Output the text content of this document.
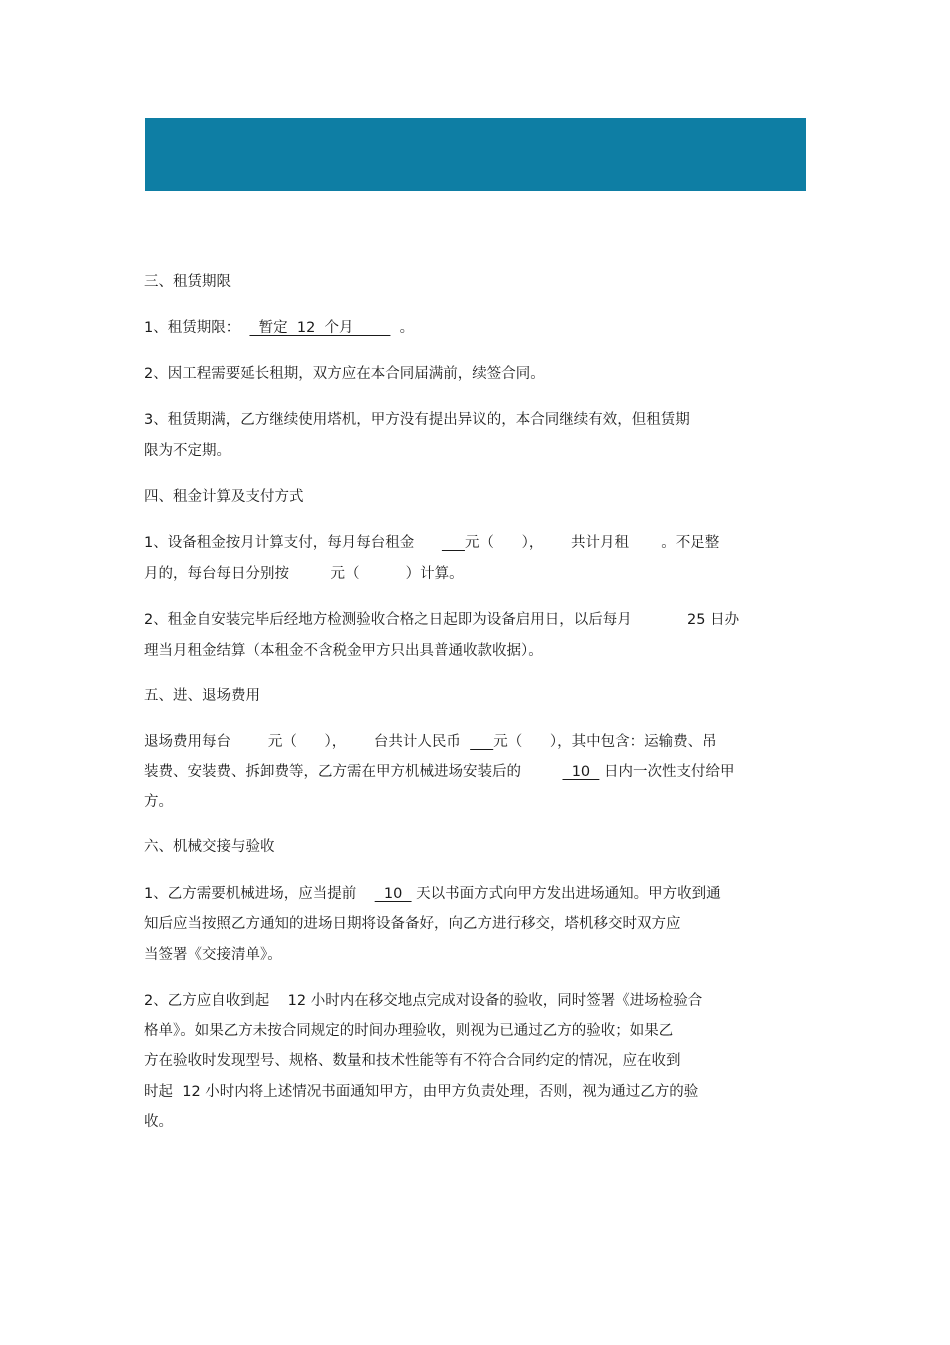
三、租赁期限
1、租赁期限：    暂定  12  个月          。
2、因工程需要延长租期，双方应在本合同届满前，续签合同。
3、租赁期满，乙方继续使用塔机，甲方没有提出异议的，本合同继续有效，但租赁期
限为不定期。
四、租金计算及支付方式
1、设备租金按月计算支付，每月每台租金           元（      ），      共计月租       。不足整
月的，每台每日分别按         元（          ）计算。
2、租金自安装完毕后经地方检测验收合格之日起即为设备启用日，以后每月            25 日办
理当月租金结算（本租金不含税金甲方只出具普通收款收据）。
五、进、退场费用
退场费用每台        元（      ），      台共计人民币       元（      ），其中包含：运输费、吊
装费、安装费、拆卸费等，乙方需在甲方机械进场安装后的           10   日内一次性支付给甲
方。
六、机械交接与验收
1、乙方需要机械进场，应当提前      10   天以书面方式向甲方发出进场通知。甲方收到通
知后应当按照乙方通知的进场日期将设备备好，向乙方进行移交，塔机移交时双方应
当签署《交接清单》。
2、乙方应自收到起    12 小时内在移交地点完成对设备的验收，同时签署《进场检验合
格单》。如果乙方未按合同规定的时间办理验收，则视为已通过乙方的验收；如果乙
方在验收时发现型号、规格、数量和技术性能等有不符合合同约定的情况，应在收到
时起  12 小时内将上述情况书面通知甲方，由甲方负责处理，否则，视为通过乙方的验
收。
